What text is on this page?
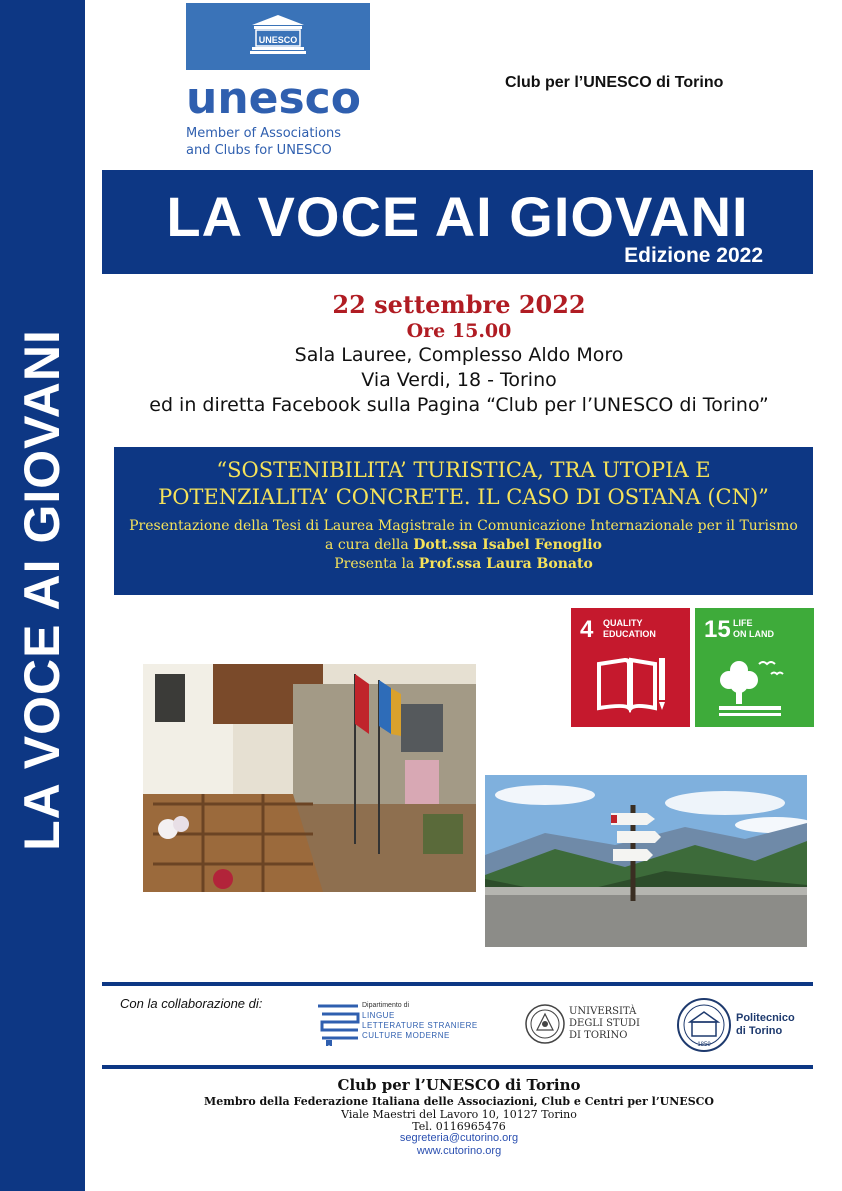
LA VOCE AI GIOVANI
UNESCO
unesco
Member of Associations
and Clubs for UNESCO
Club per l’UNESCO di Torino
LA VOCE AI GIOVANI
Edizione 2022
22 settembre 2022
Ore 15.00
Sala Lauree, Complesso Aldo Moro
Via Verdi, 18 - Torino
ed in diretta Facebook sulla Pagina “Club per l’UNESCO di Torino”
“SOSTENIBILITA’ TURISTICA, TRA UTOPIA E
POTENZIALITA’ CONCRETE. IL CASO DI OSTANA (CN)”
Presentazione della Tesi di Laurea Magistrale in Comunicazione Internazionale per il Turismo
a cura della Dott.ssa Isabel Fenoglio
Presenta la Prof.ssa Laura Bonato
4 QUALITY
EDUCATION 15 LIFE
ON LAND
Con la collaborazione di:	Dipartimento di
LINGUE
LETTERATURE STRANIERE
CULTURE MODERNE
UNIVERSITÀ
DEGLI STUDI
DI TORINO
1859
Politecnico
di Torino
Club per l’UNESCO di Torino
Membro della Federazione Italiana delle Associazioni, Club e Centri per l’UNESCO
Viale Maestri del Lavoro 10, 10127 Torino
Tel. 0116965476
segreteria@cutorino.org
www.cutorino.org
